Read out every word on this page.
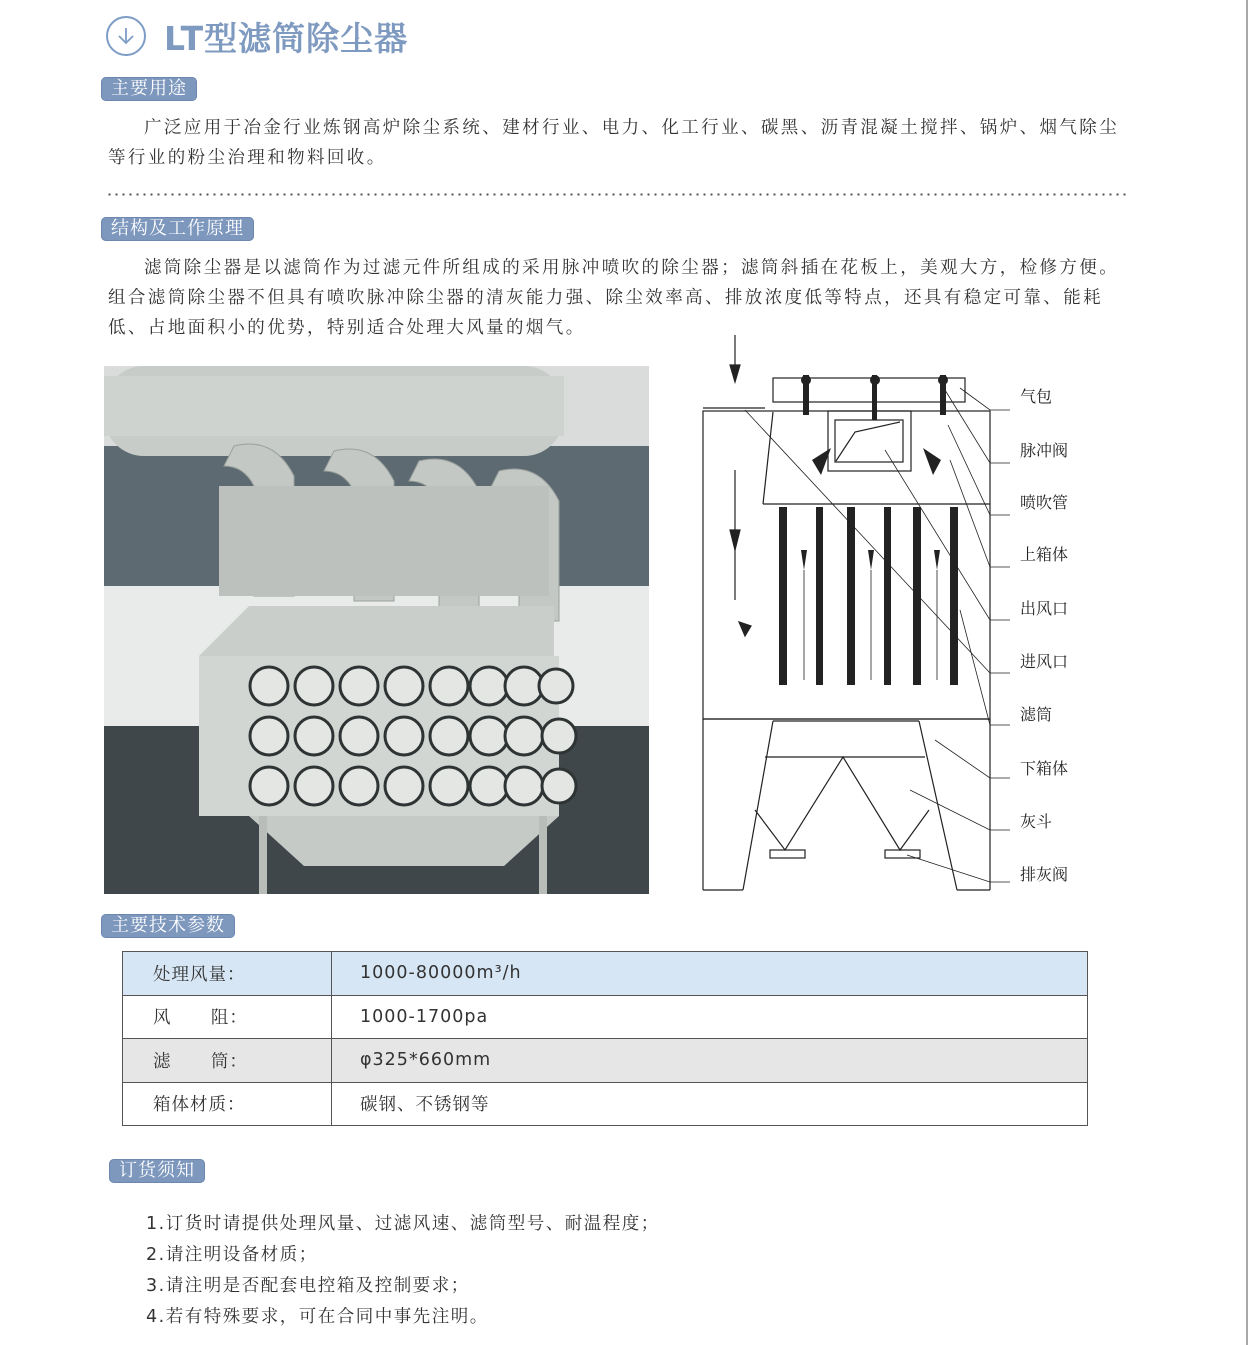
LT型滤筒除尘器
主要用途
广泛应用于冶金行业炼钢高炉除尘系统、建材行业、电力、化工行业、碳黑、沥青混凝土搅拌、锅炉、烟气除尘等行业的粉尘治理和物料回收。
结构及工作原理
滤筒除尘器是以滤筒作为过滤元件所组成的采用脉冲喷吹的除尘器；滤筒斜插在花板上，美观大方，检修方便。组合滤筒除尘器不但具有喷吹脉冲除尘器的清灰能力强、除尘效率高、排放浓度低等特点，还具有稳定可靠、能耗低、占地面积小的优势，特别适合处理大风量的烟气。
气包
脉冲阀
喷吹管
上箱体
出风口
进风口
滤筒
下箱体
灰斗
排灰阀
主要技术参数
处理风量：	1000-80000m³/h
风      阻：	1000-1700pa
滤      筒：	φ325*660mm
箱体材质：	碳钢、不锈钢等
订货须知
1.订货时请提供处理风量、过滤风速、滤筒型号、耐温程度；
2.请注明设备材质；
3.请注明是否配套电控箱及控制要求；
4.若有特殊要求，可在合同中事先注明。
